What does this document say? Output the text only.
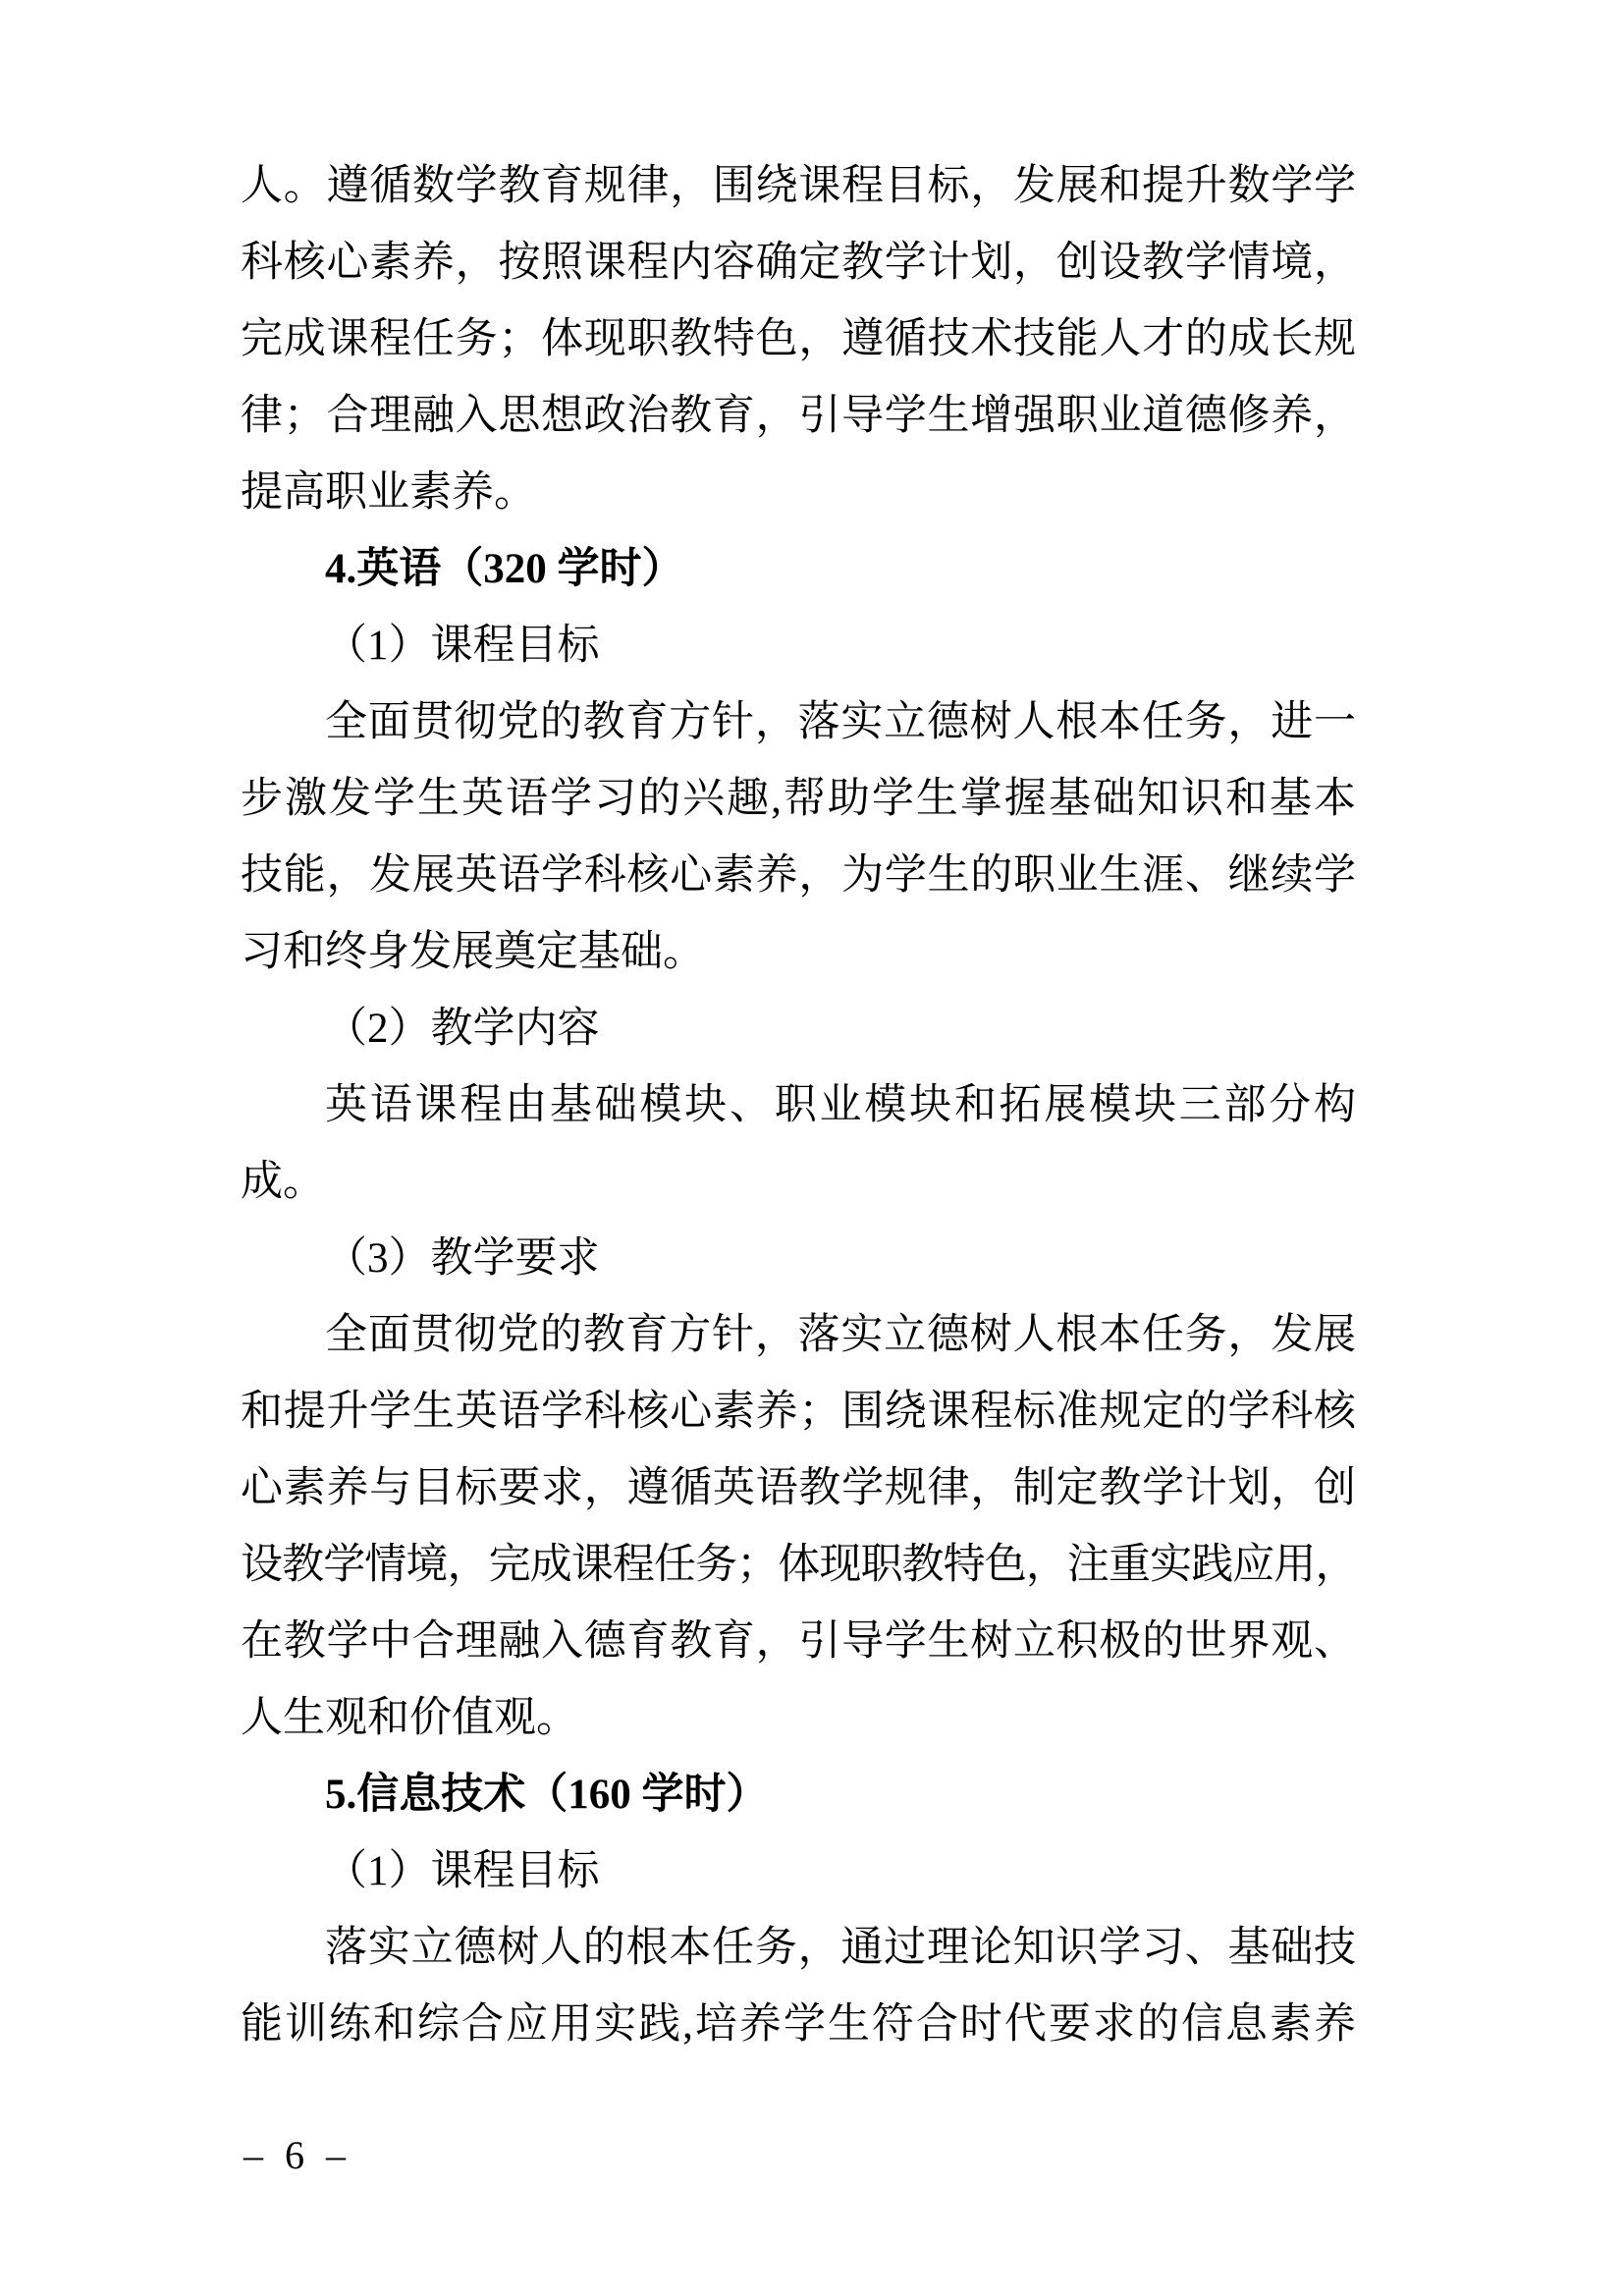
人。遵循数学教育规律，围绕课程目标，发展和提升数学学
科核心素养，按照课程内容确定教学计划，创设教学情境，
完成课程任务；体现职教特色，遵循技术技能人才的成长规
律；合理融入思想政治教育，引导学生增强职业道德修养，
提高职业素养。
4.英语（320 学时）
（1）课程目标
全面贯彻党的教育方针，落实立德树人根本任务，进一
步激发学生英语学习的兴趣,帮助学生掌握基础知识和基本
技能，发展英语学科核心素养，为学生的职业生涯、继续学
习和终身发展奠定基础。
（2）教学内容
英语课程由基础模块、职业模块和拓展模块三部分构
成。
（3）教学要求
全面贯彻党的教育方针，落实立德树人根本任务，发展
和提升学生英语学科核心素养；围绕课程标准规定的学科核
心素养与目标要求，遵循英语教学规律，制定教学计划，创
设教学情境，完成课程任务；体现职教特色，注重实践应用，
在教学中合理融入德育教育，引导学生树立积极的世界观、
人生观和价值观。
5.信息技术（160 学时）
（1）课程目标
落实立德树人的根本任务，通过理论知识学习、基础技
能训练和综合应用实践,培养学生符合时代要求的信息素养
– 6 –
